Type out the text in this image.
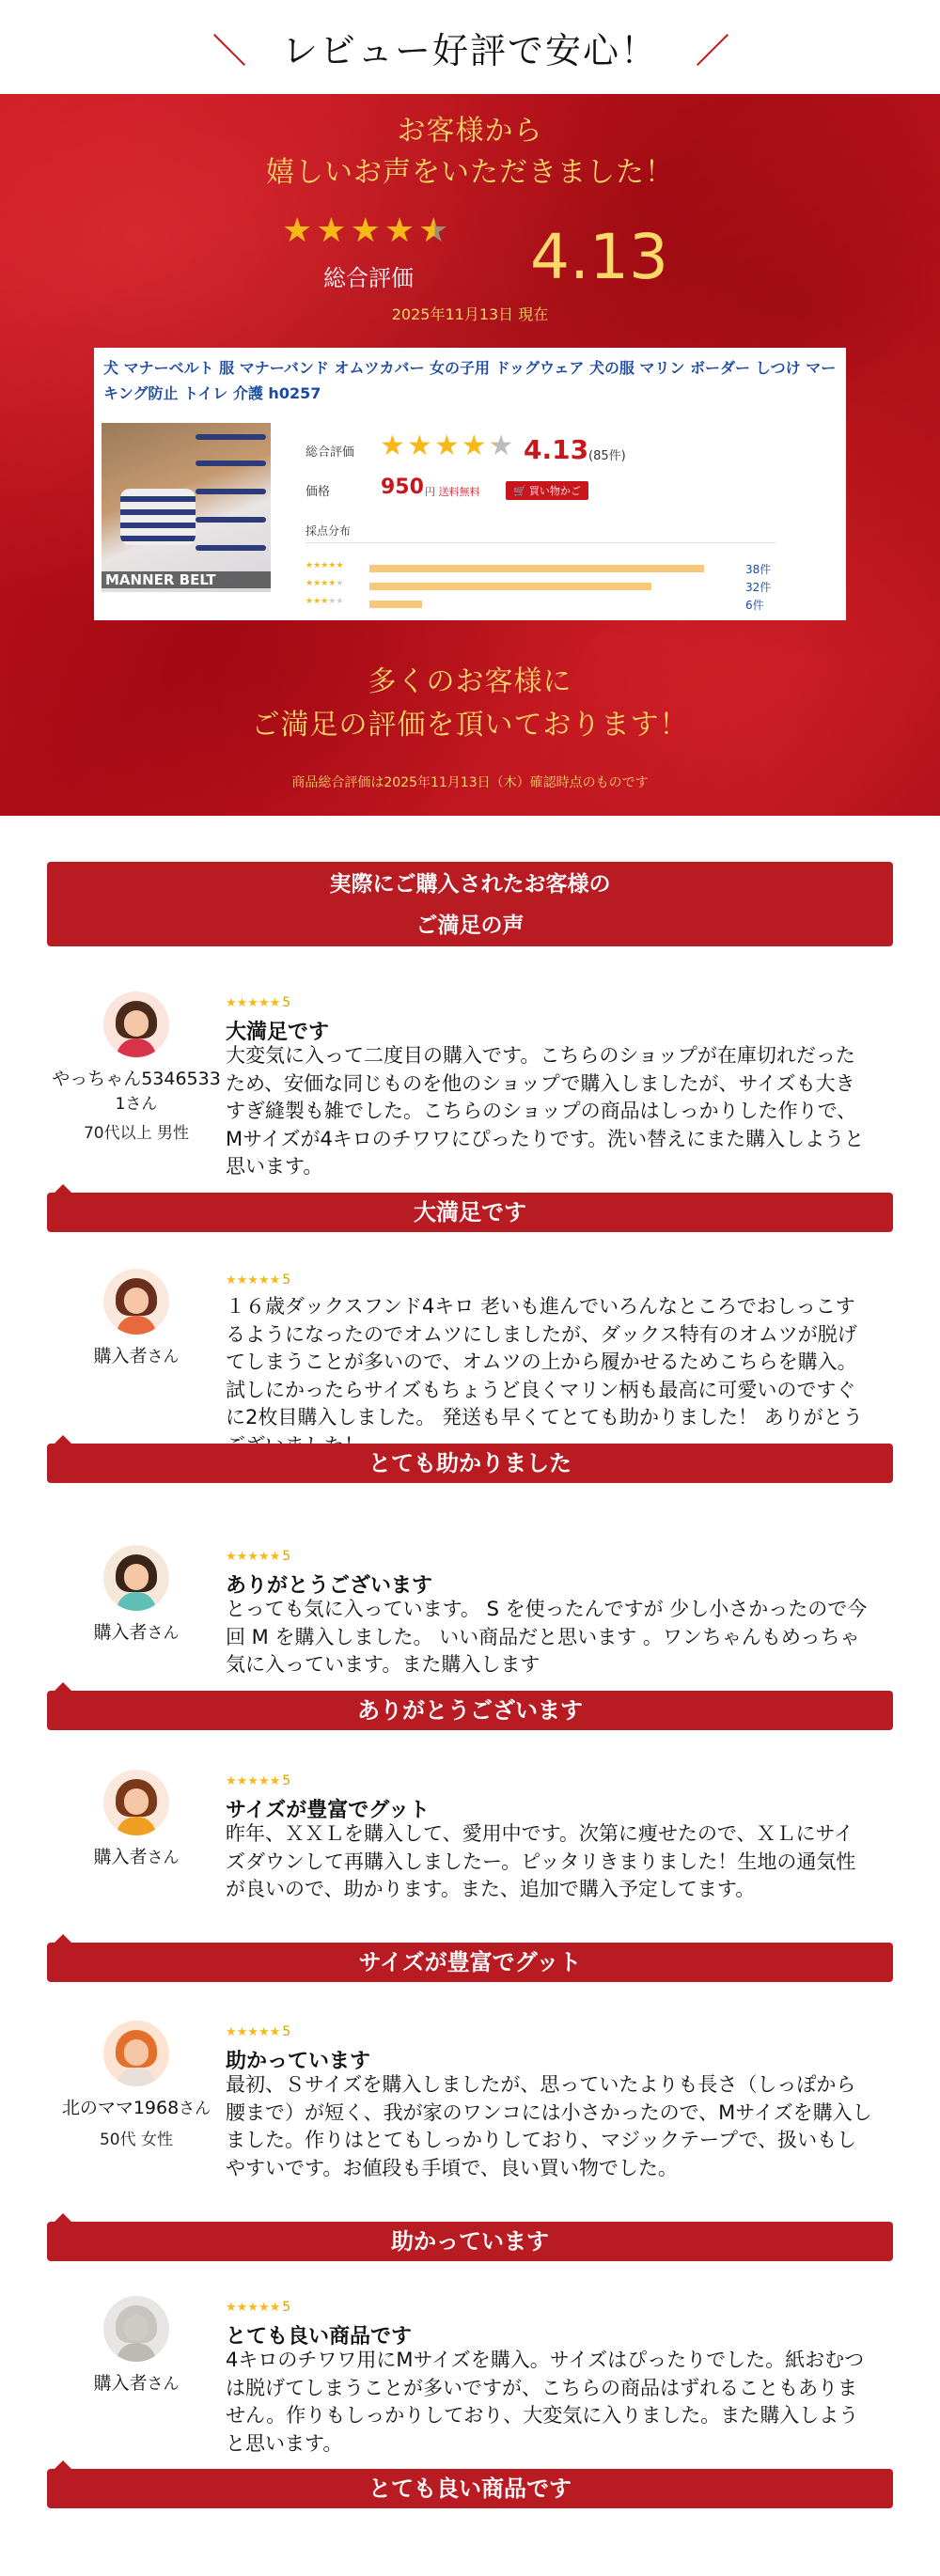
レビュー好評で安心！
お客様から
嬉しいお声をいただきました！
★ ★ ★ ★ ★
総合評価 4.13
2025年11月13日 現在
犬 マナーベルト 服 マナーバンド オムツカバー 女の子用 ドッグウェア 犬の服 マリン ボーダー しつけ マーキング防止 トイレ 介護 h0257
MANNER BELT
総合評価 ★ ★ ★ ★ ★ 4.13 (85件)
価格 950 円 送料無料	🛒 買い物かご
採点分布
★★★★★	38件
★★★★★	32件
★★★★★	6件
多くのお客様に
ご満足の評価を頂いております！
商品総合評価は2025年11月13日（木）確認時点のものです
実際にご購入されたお客様の
ご満足の声
やっちゃん5346533
1さん
70代以上 男性
★★★★★ 5
大満足です
大変気に入って二度目の購入です。こちらのショップが在庫切れだったため、安価な同じものを他のショップで購入しましたが、サイズも大きすぎ縫製も雑でした。こちらのショップの商品はしっかりした作りで、Mサイズが4キロのチワワにぴったりです。洗い替えにまた購入しようと思います。
大満足です
購入者さん
★★★★★ 5
１６歳ダックスフンド4キロ 老いも進んでいろんなところでおしっこするようになったのでオムツにしましたが、ダックス特有のオムツが脱げてしまうことが多いので、オムツの上から履かせるためこちらを購入。試しにかったらサイズもちょうど良くマリン柄も最高に可愛いのですぐに2枚目購入しました。 発送も早くてとても助かりました！ ありがとう
とても助かりました
購入者さん
★★★★★ 5
ありがとうございます
とっても気に入っています。 S を使ったんですが 少し小さかったので今回 M を購入しました。 いい商品だと思います 。ワンちゃんもめっちゃ気に入っています。また購入します
ありがとうございます
購入者さん
★★★★★ 5
サイズが豊富でグット
昨年、ＸＸＬを購入して、愛用中です。次第に痩せたので、ＸＬにサイズダウンして再購入しましたー。ピッタリきまりました！生地の通気性が良いので、助かります。また、追加で購入予定してます。
サイズが豊富でグット
北のママ1968さん
50代 女性
★★★★★ 5
助かっています
最初、Ｓサイズを購入しましたが、思っていたよりも長さ（しっぽから腰まで）が短く、我が家のワンコには小さかったので、Mサイズを購入しました。作りはとてもしっかりしており、マジックテープで、扱いもしやすいです。お値段も手頃で、良い買い物でした。
助かっています
購入者さん
★★★★★ 5
とても良い商品です
4キロのチワワ用にMサイズを購入。サイズはぴったりでした。紙おむつは脱げてしまうことが多いですが、こちらの商品はずれることもありません。作りもしっかりしており、大変気に入りました。また購入しようと思います。
とても良い商品です
